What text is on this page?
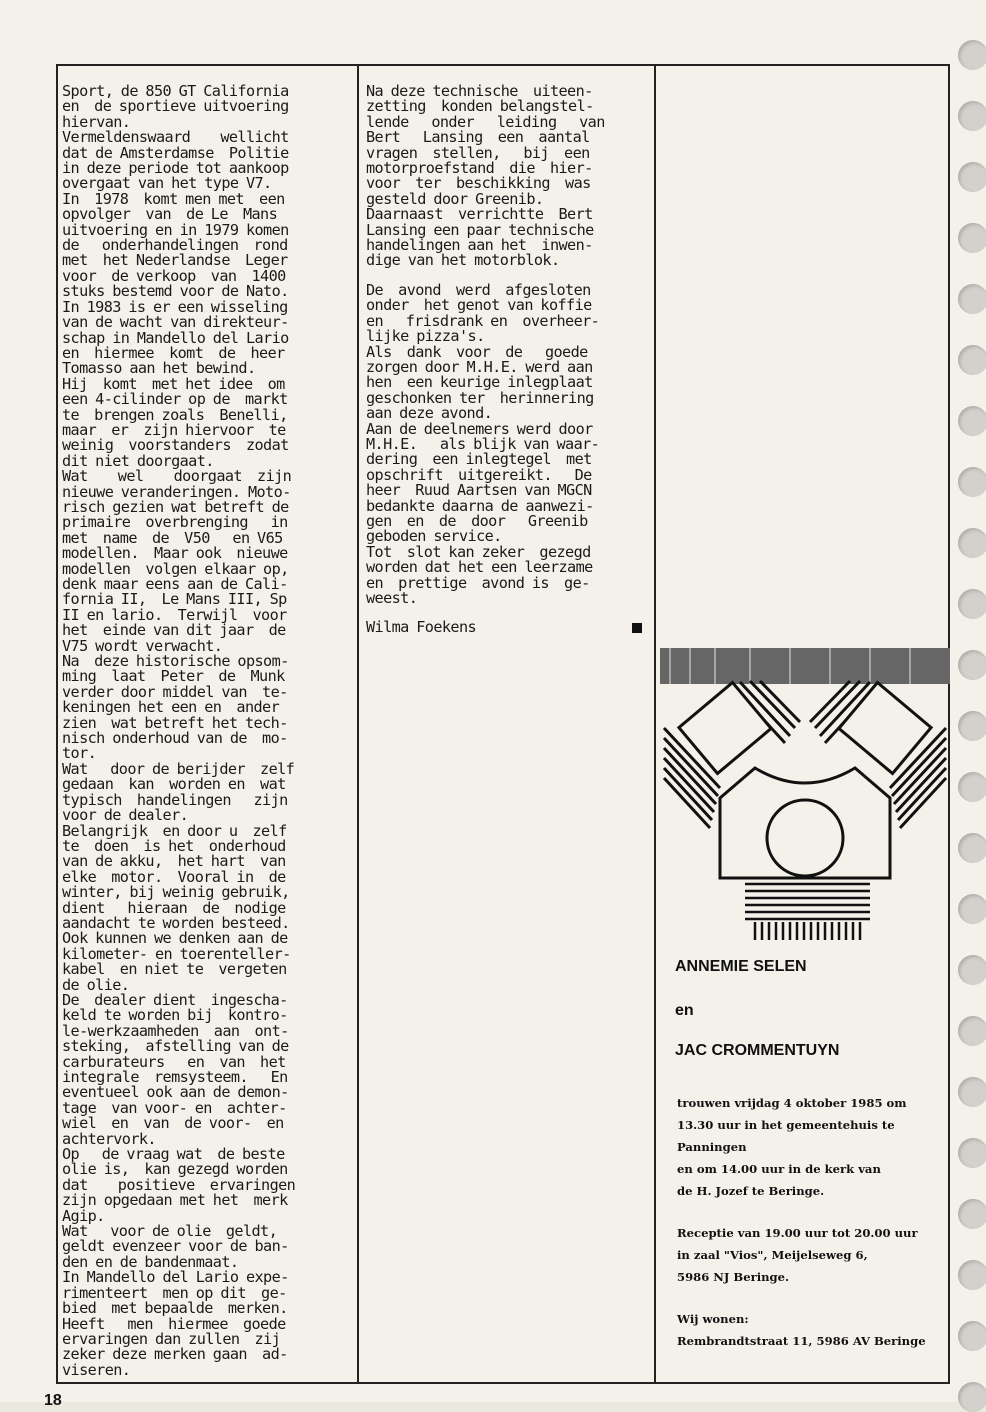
Sport, de 850 GT California

en  de sportieve uitvoering

hiervan.

Vermeldenswaard    wellicht

dat de Amsterdamse  Politie

in deze periode tot aankoop

overgaat van het type V7.

In  1978  komt men met  een

opvolger  van  de Le  Mans

uitvoering en in 1979 komen

de   onderhandelingen  rond

met  het Nederlandse  Leger

voor  de verkoop  van  1400

stuks bestemd voor de Nato.

In 1983 is er een wisseling

van de wacht van direkteur-

schap in Mandello del Lario

en  hiermee  komt  de  heer

Tomasso aan het bewind.

Hij  komt  met het idee  om

een 4-cilinder op de  markt

te  brengen zoals  Benelli,

maar  er  zijn hiervoor  te

weinig  voorstanders  zodat

dit niet doorgaat.

Wat    wel    doorgaat  zijn

nieuwe veranderingen. Moto-

risch gezien wat betreft de

primaire  overbrenging   in

met  name  de  V50   en V65

modellen.  Maar ook  nieuwe

modellen  volgen elkaar op,

denk maar eens aan de Cali-

fornia II,  Le Mans III, Sp

II en lario.  Terwijl  voor

het  einde van dit jaar  de

V75 wordt verwacht.

Na  deze historische opsom-

ming  laat  Peter  de  Munk

verder door middel van  te-

keningen het een en  ander

zien  wat betreft het tech-

nisch onderhoud van de  mo-

tor.

Wat   door de berijder  zelf

gedaan  kan  worden en  wat

typisch  handelingen   zijn

voor de dealer.

Belangrijk  en door u  zelf

te  doen  is het  onderhoud

van de akku,  het hart  van

elke  motor.  Vooral in  de

winter, bij weinig gebruik,

dient   hieraan  de  nodige

aandacht te worden besteed.

Ook kunnen we denken aan de

kilometer- en toerenteller-

kabel  en niet te  vergeten

de olie.

De  dealer dient  ingescha-

keld te worden bij  kontro-

le-werkzaamheden  aan  ont-

steking,  afstelling van de

carburateurs   en  van  het

integrale  remsysteem.   En

eventueel ook aan de demon-

tage  van voor- en  achter-

wiel  en  van  de voor-  en

achtervork.

Op   de vraag wat  de beste

olie is,  kan gezegd worden

dat    positieve  ervaringen

zijn opgedaan met het  merk

Agip.

Wat   voor de olie  geldt,

geldt evenzeer voor de ban-

den en de bandenmaat.

In Mandello del Lario expe-

rimenteert  men op dit  ge-

bied  met bepaalde  merken.

Heeft   men  hiermee  goede

ervaringen dan zullen  zij

zeker deze merken gaan  ad-

viseren.

Na deze technische  uiteen-

zetting  konden belangstel-

lende   onder   leiding   van

Bert   Lansing  een  aantal

vragen  stellen,   bij  een

motorproefstand  die  hier-

voor  ter  beschikking  was

gesteld door Greenib.

Daarnaast  verrichtte  Bert

Lansing een paar technische

handelingen aan het  inwen-

dige van het motorblok.

De  avond  werd  afgesloten

onder  het genot van koffie

en   frisdrank en  overheer-

lijke pizza's.

Als  dank  voor  de   goede

zorgen door M.H.E. werd aan

hen  een keurige inlegplaat

geschonken ter  herinnering

aan deze avond.

Aan de deelnemers werd door

M.H.E.   als blijk van waar-

dering  een inlegtegel  met

opschrift  uitgereikt.   De

heer  Ruud Aartsen van MGCN

bedankte daarna de aanwezi-

gen  en  de  door   Greenib

geboden service.

Tot  slot kan zeker  gezegd

worden dat het een leerzame

en  prettige  avond is  ge-

weest.

Wilma Foekens

ANNEMIE SELEN
en
JAC CROMMENTUYN
trouwen vrijdag 4 oktober 1985 om
13.30 uur in het gemeentehuis te
Panningen
en om 14.00 uur in de kerk van
de H. Jozef te Beringe.
Receptie van 19.00 uur tot 20.00 uur
in zaal "Vios", Meijelseweg 6,
5986 NJ Beringe.
Wij wonen:
Rembrandtstraat 11, 5986 AV Beringe
18
